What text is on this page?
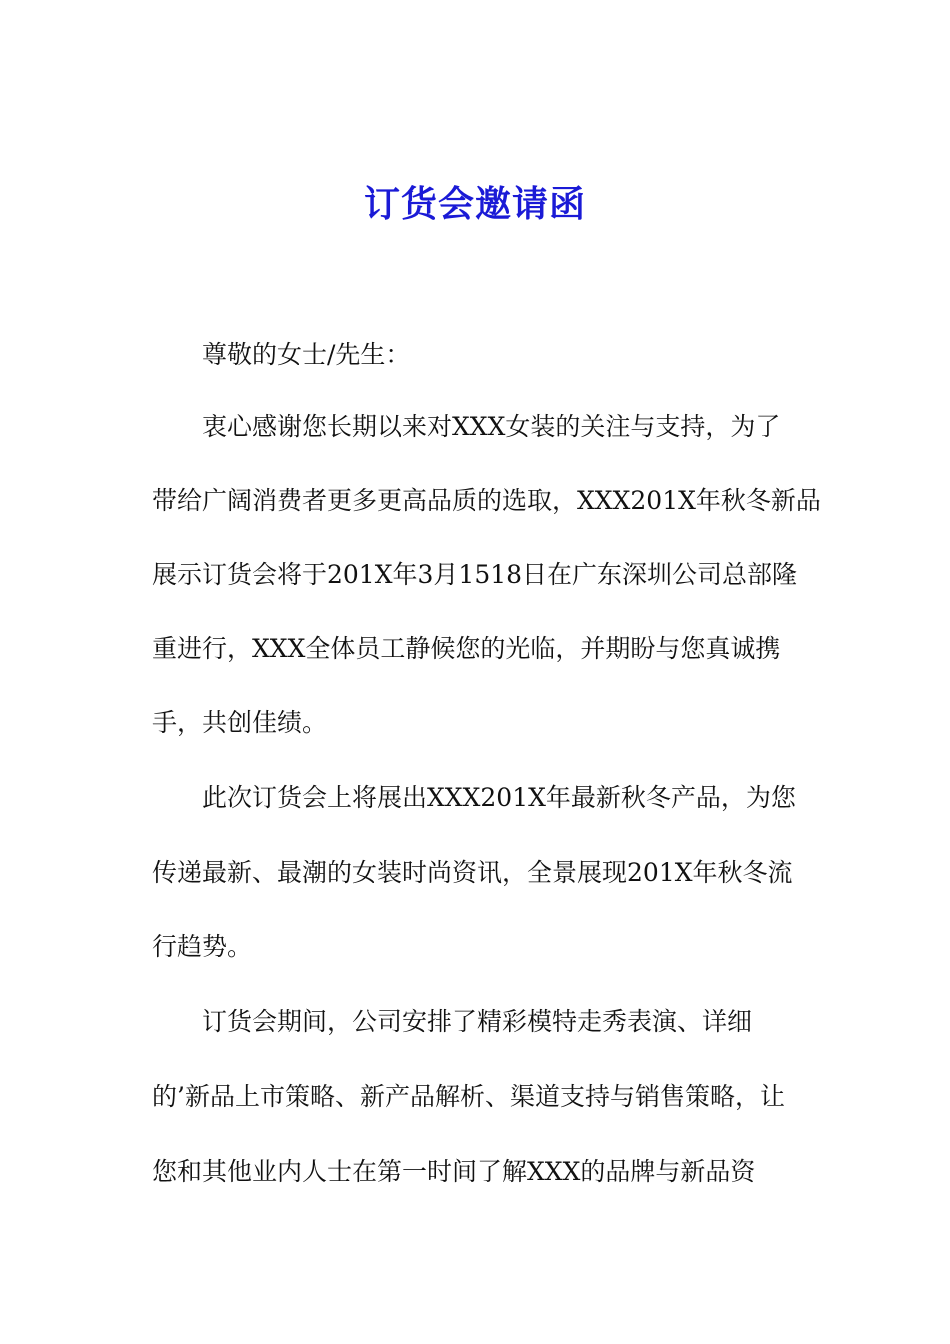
订货会邀请函
尊敬的女士/先生：
衷心感谢您长期以来对XXX女装的关注与支持，为了
带给广阔消费者更多更高品质的选取，XXX201X年秋冬新品
展示订货会将于201X年3月1518日在广东深圳公司总部隆
重进行，XXX全体员工静候您的光临，并期盼与您真诚携
手，共创佳绩。
此次订货会上将展出XXX201X年最新秋冬产品，为您
传递最新、最潮的女装时尚资讯，全景展现201X年秋冬流
行趋势。
订货会期间，公司安排了精彩模特走秀表演、详细
的’新品上市策略、新产品解析、渠道支持与销售策略，让
您和其他业内人士在第一时间了解XXX的品牌与新品资
